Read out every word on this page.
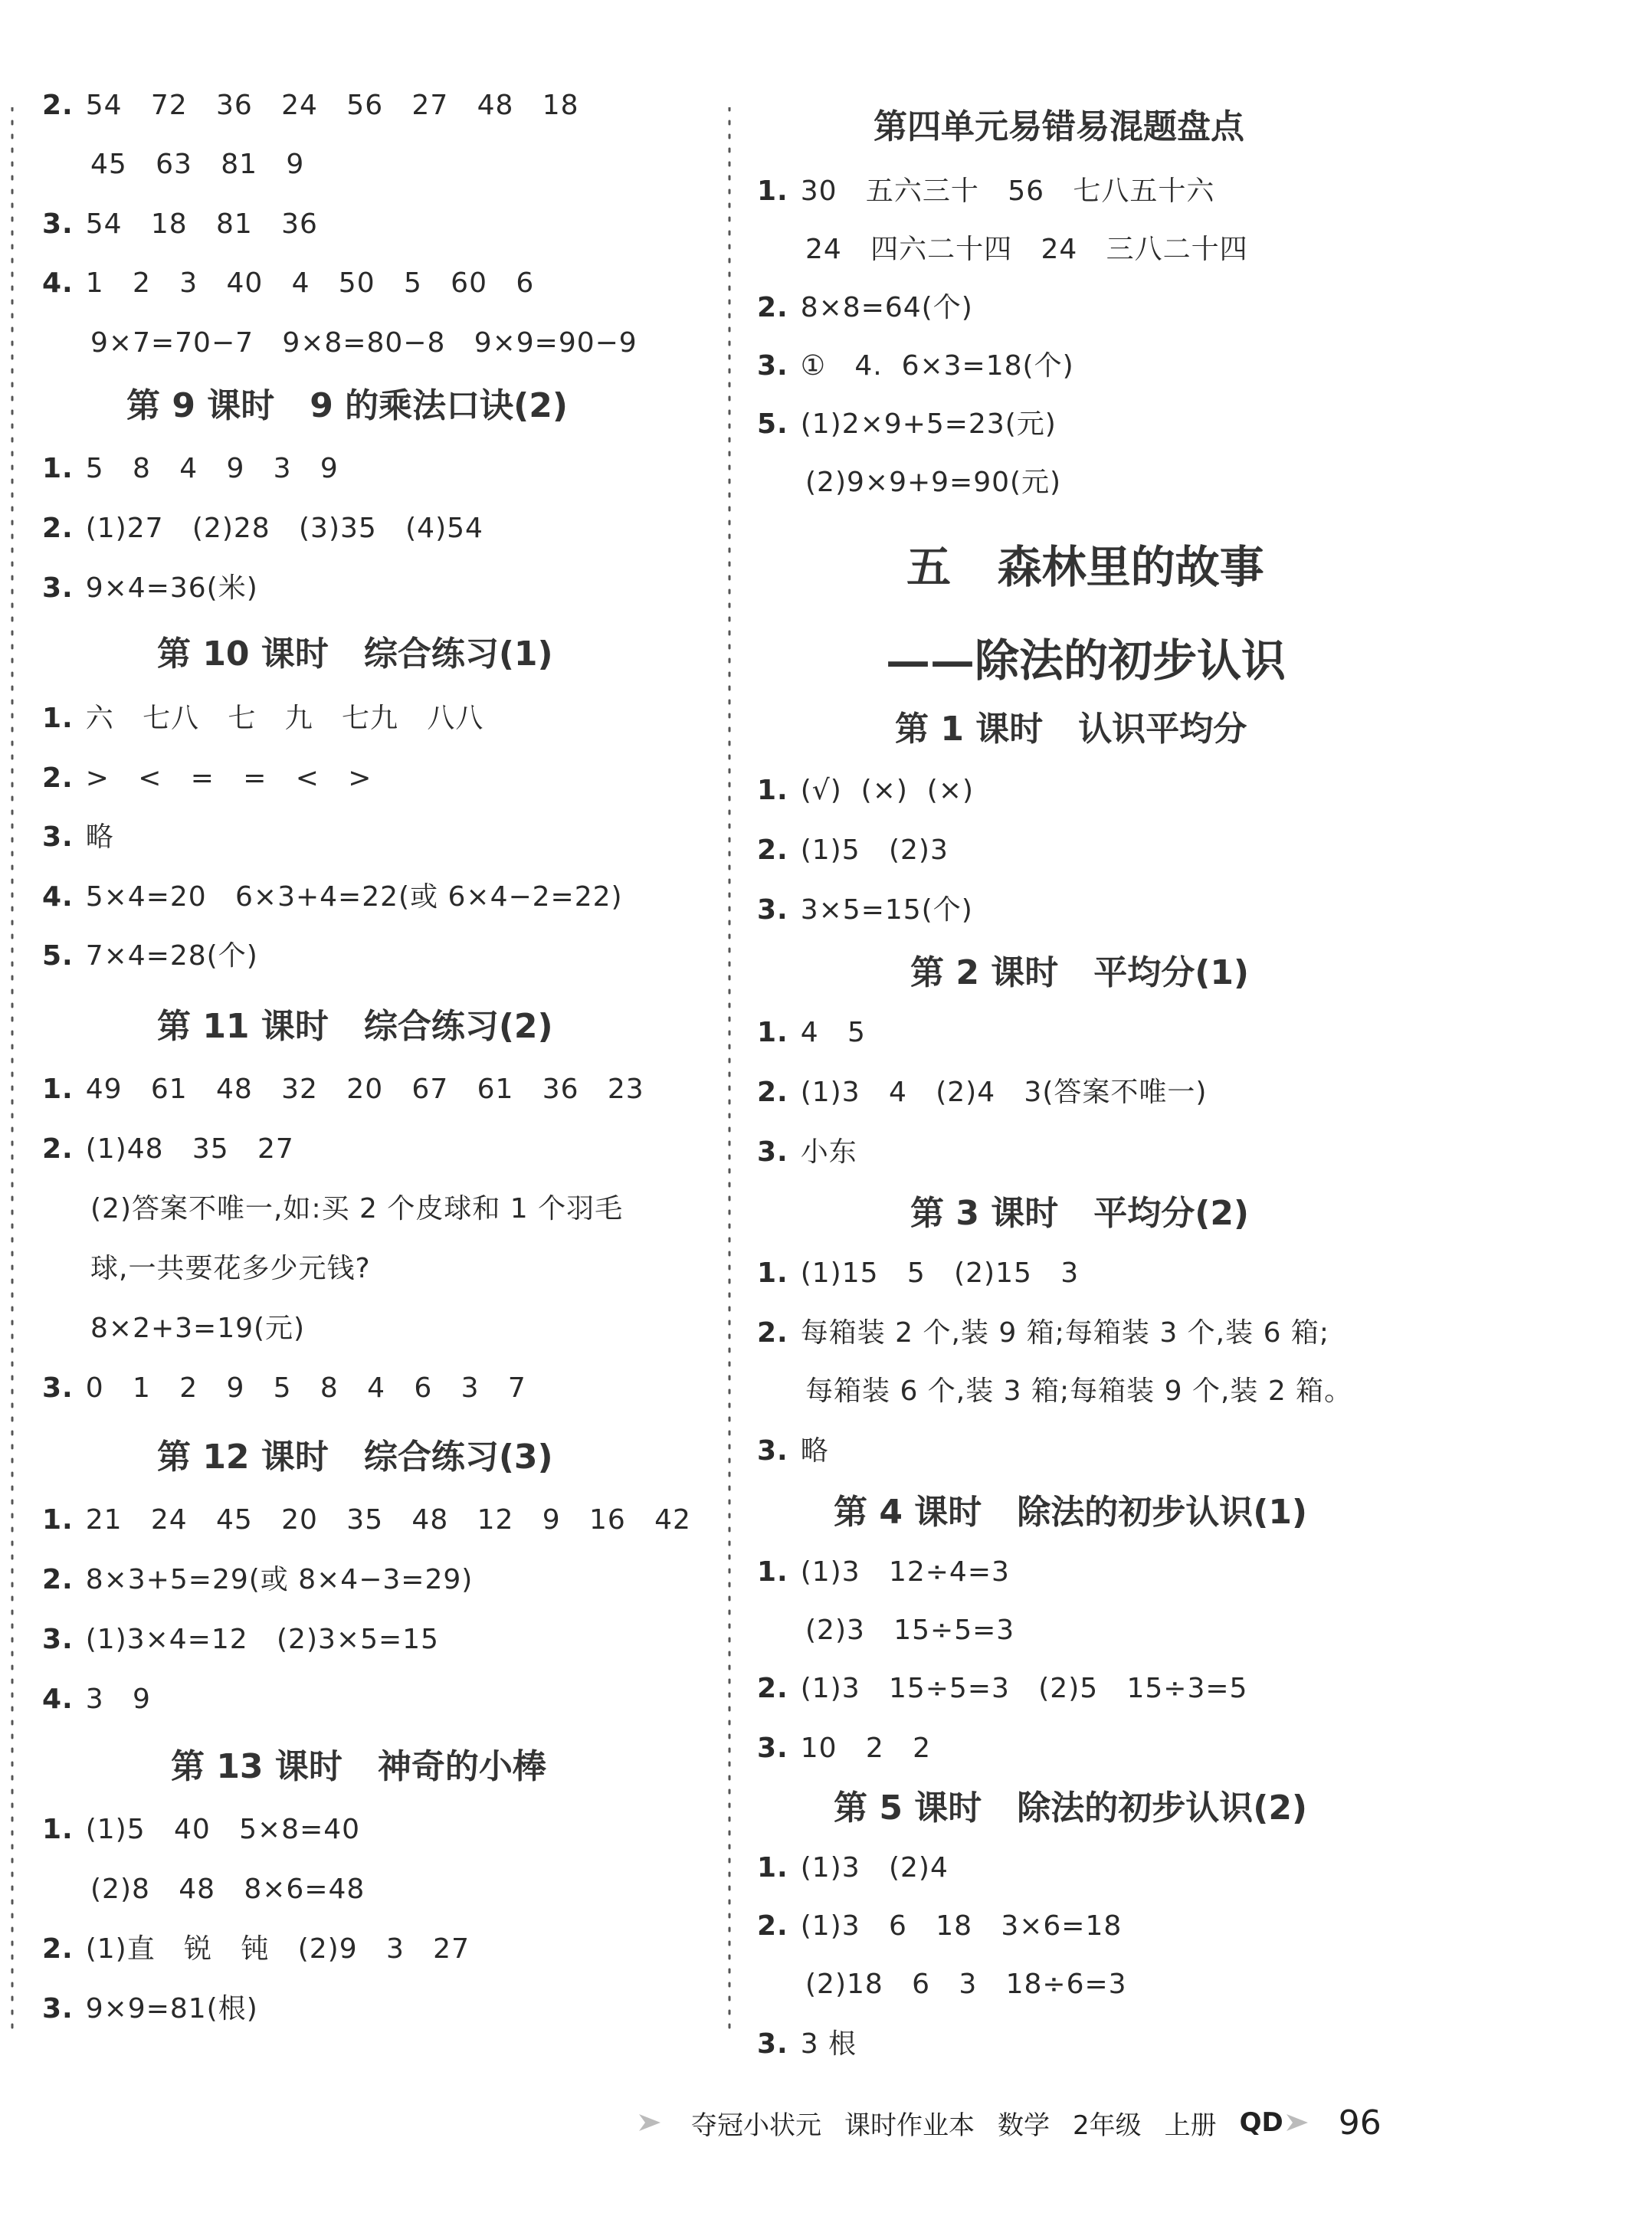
2. 54   72   36   24   56   27   48   18
45   63   81   9
3. 54   18   81   36
4. 1   2   3   40   4   50   5   60   6
9×7=70−7   9×8=80−8   9×9=90−9
第 9 课时   9 的乘法口诀(2)
1. 5   8   4   9   3   9
2. (1)27   (2)28   (3)35   (4)54
3. 9×4=36(米)
第 10 课时   综合练习(1)
1. 六   七八   七   九   七九   八八
2. >   <   =   =   <   >
3. 略
4. 5×4=20   6×3+4=22(或 6×4−2=22)
5. 7×4=28(个)
第 11 课时   综合练习(2)
1. 49   61   48   32   20   67   61   36   23
2. (1)48   35   27
(2)答案不唯一,如:买 2 个皮球和 1 个羽毛
球,一共要花多少元钱?
8×2+3=19(元)
3. 0   1   2   9   5   8   4   6   3   7
第 12 课时   综合练习(3)
1. 21   24   45   20   35   48   12   9   16   42
2. 8×3+5=29(或 8×4−3=29)
3. (1)3×4=12   (2)3×5=15
4. 3   9
第 13 课时   神奇的小棒
1. (1)5   40   5×8=40
(2)8   48   8×6=48
2. (1)直   锐   钝   (2)9   3   27
3. 9×9=81(根)
第四单元易错易混题盘点
1. 30   五六三十   56   七八五十六
24   四六二十四   24   三八二十四
2. 8×8=64(个)
3. ①   4.  6×3=18(个)
5. (1)2×9+5=23(元)
(2)9×9+9=90(元)
五   森林里的故事
——除法的初步认识
第 1 课时   认识平均分
1. (√)  (×)  (×)
2. (1)5   (2)3
3. 3×5=15(个)
第 2 课时   平均分(1)
1. 4   5
2. (1)3   4   (2)4   3(答案不唯一)
3. 小东
第 3 课时   平均分(2)
1. (1)15   5   (2)15   3
2. 每箱装 2 个,装 9 箱;每箱装 3 个,装 6 箱;
每箱装 6 个,装 3 箱;每箱装 9 个,装 2 箱。
3. 略
第 4 课时   除法的初步认识(1)
1. (1)3   12÷4=3
(2)3   15÷5=3
2. (1)3   15÷5=3   (2)5   15÷3=5
3. 10   2   2
第 5 课时   除法的初步认识(2)
1. (1)3   (2)4
2. (1)3   6   18   3×6=18
(2)18   6   3   18÷6=3
3. 3 根
夺冠小状元 课时作业本 数学 2年级 上册 QD 96
